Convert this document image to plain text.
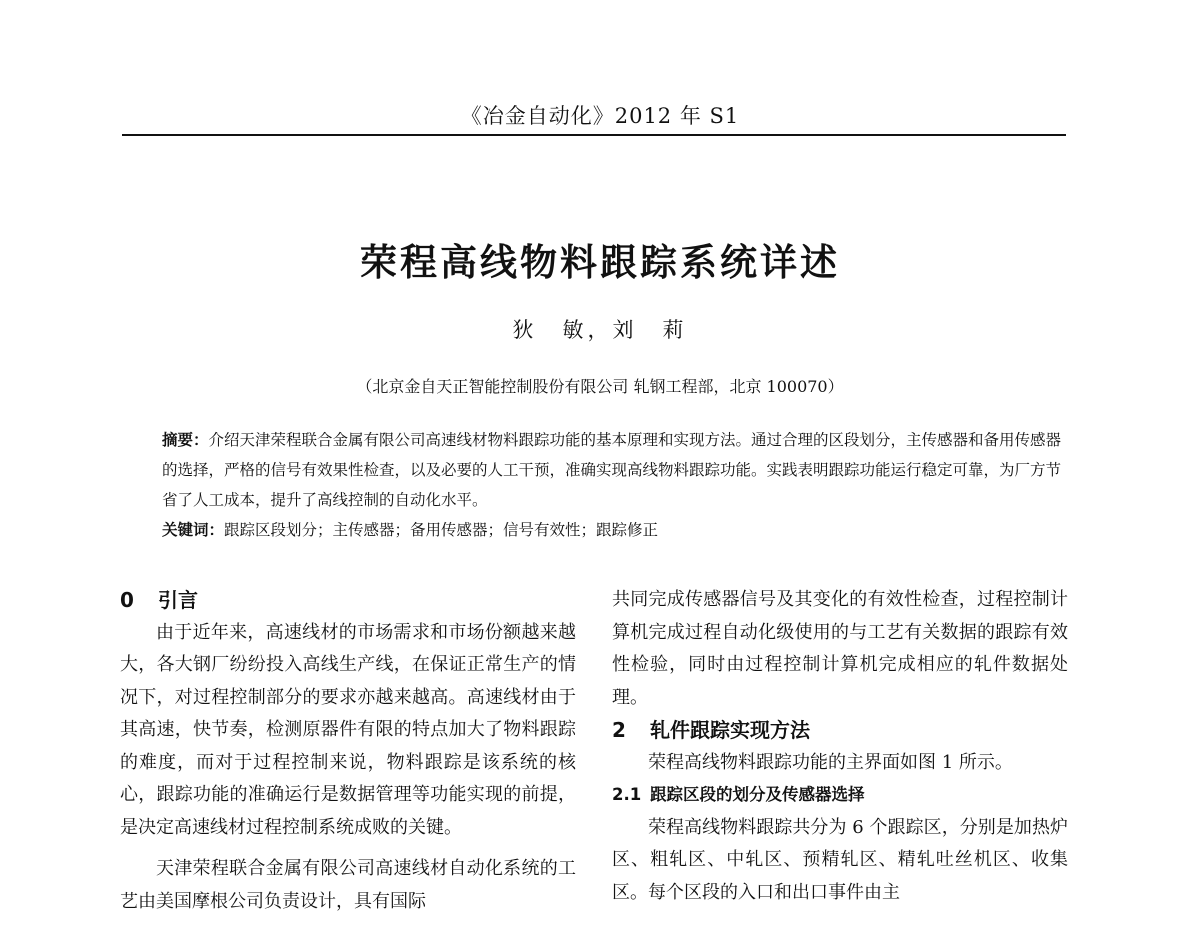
《冶金自动化》2012 年 S1
荣程高线物料跟踪系统详述
狄　敏，刘　莉
（北京金自天正智能控制股份有限公司 轧钢工程部，北京 100070）
摘要：介绍天津荣程联合金属有限公司高速线材物料跟踪功能的基本原理和实现方法。通过合理的区段划分，主传感器和备用传感器的选择，严格的信号有效果性检查，以及必要的人工干预，准确实现高线物料跟踪功能。实践表明跟踪功能运行稳定可靠，为厂方节省了人工成本，提升了高线控制的自动化水平。
关键词：跟踪区段划分；主传感器；备用传感器；信号有效性；跟踪修正

0 引言

由于近年来，高速线材的市场需求和市场份额越来越大，各大钢厂纷纷投入高线生产线，在保证正常生产的情况下，对过程控制部分的要求亦越来越高。高速线材由于其高速，快节奏，检测原器件有限的特点加大了物料跟踪的难度，而对于过程控制来说，物料跟踪是该系统的核心，跟踪功能的准确运行是数据管理等功能实现的前提，是决定高速线材过程控制系统成败的关键。

天津荣程联合金属有限公司高速线材自动化系统的工艺由美国摩根公司负责设计，具有国际

共同完成传感器信号及其变化的有效性检查，过程控制计算机完成过程自动化级使用的与工艺有关数据的跟踪有效性检验，同时由过程控制计算机完成相应的轧件数据处理。

2 轧件跟踪实现方法

荣程高线物料跟踪功能的主界面如图 1 所示。

2.1 跟踪区段的划分及传感器选择

荣程高线物料跟踪共分为 6 个跟踪区，分别是加热炉区、粗轧区、中轧区、预精轧区、精轧吐丝机区、收集区。每个区段的入口和出口事件由主
